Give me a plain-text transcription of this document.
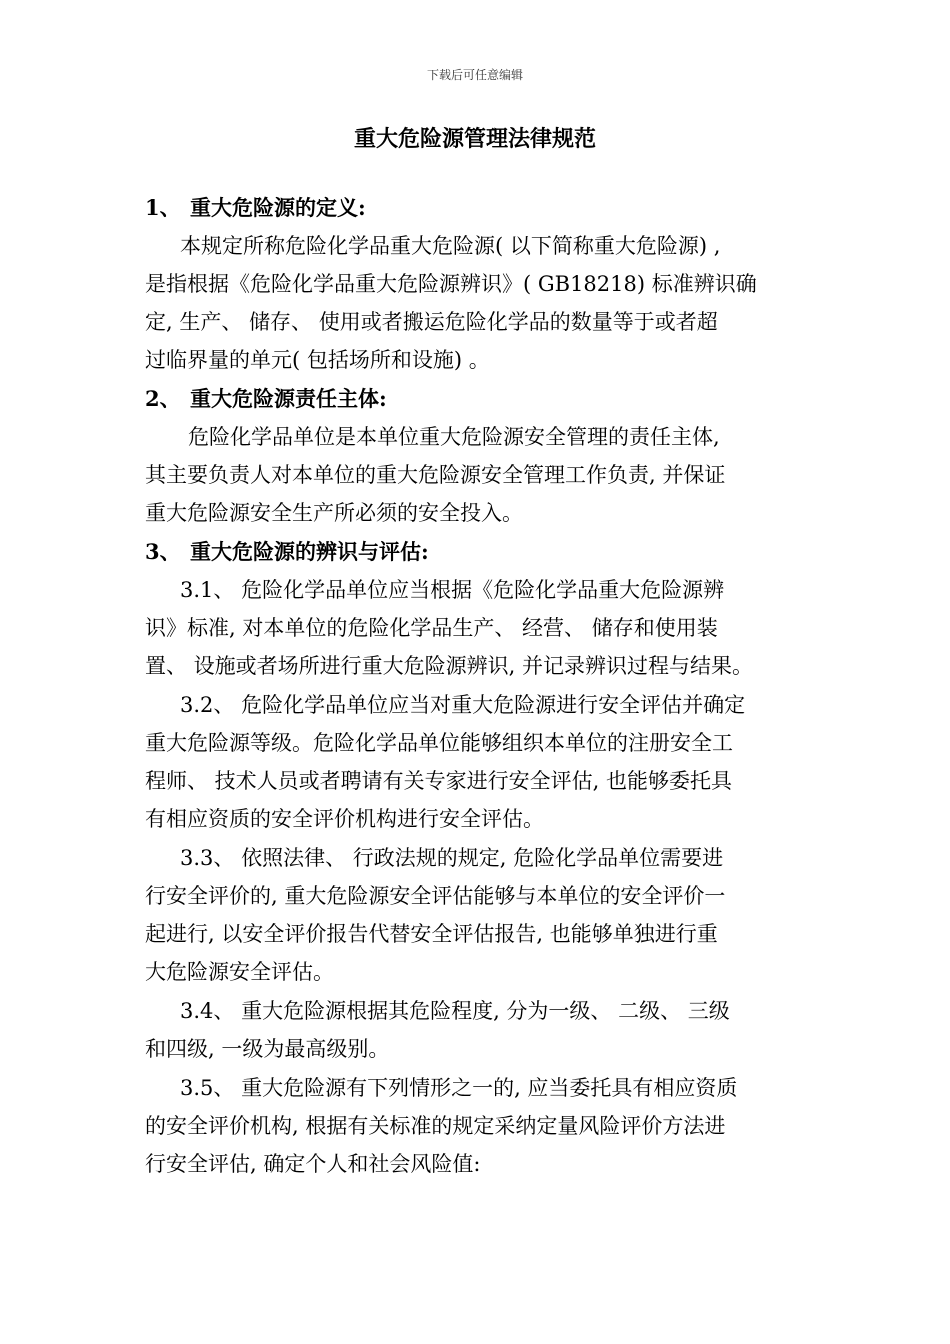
下载后可任意编辑
重大危险源管理法律规范
1、 重大危险源的定义:
本规定所称危险化学品重大危险源( 以下简称重大危险源) ,
是指根据《危险化学品重大危险源辨识》( GB18218) 标准辨识确
定, 生产、 储存、 使用或者搬运危险化学品的数量等于或者超
过临界量的单元( 包括场所和设施) 。
2、 重大危险源责任主体:
危险化学品单位是本单位重大危险源安全管理的责任主体,
其主要负责人对本单位的重大危险源安全管理工作负责, 并保证
重大危险源安全生产所必须的安全投入。
3、 重大危险源的辨识与评估:
3.1、 危险化学品单位应当根据《危险化学品重大危险源辨
识》标准, 对本单位的危险化学品生产、 经营、 储存和使用装
置、 设施或者场所进行重大危险源辨识, 并记录辨识过程与结果。
3.2、 危险化学品单位应当对重大危险源进行安全评估并确定
重大危险源等级。危险化学品单位能够组织本单位的注册安全工
程师、 技术人员或者聘请有关专家进行安全评估, 也能够委托具
有相应资质的安全评价机构进行安全评估。
3.3、 依照法律、 行政法规的规定, 危险化学品单位需要进
行安全评价的, 重大危险源安全评估能够与本单位的安全评价一
起进行, 以安全评价报告代替安全评估报告, 也能够单独进行重
大危险源安全评估。
3.4、 重大危险源根据其危险程度, 分为一级、 二级、 三级
和四级, 一级为最高级别。
3.5、 重大危险源有下列情形之一的, 应当委托具有相应资质
的安全评价机构, 根据有关标准的规定采纳定量风险评价方法进
行安全评估, 确定个人和社会风险值:
